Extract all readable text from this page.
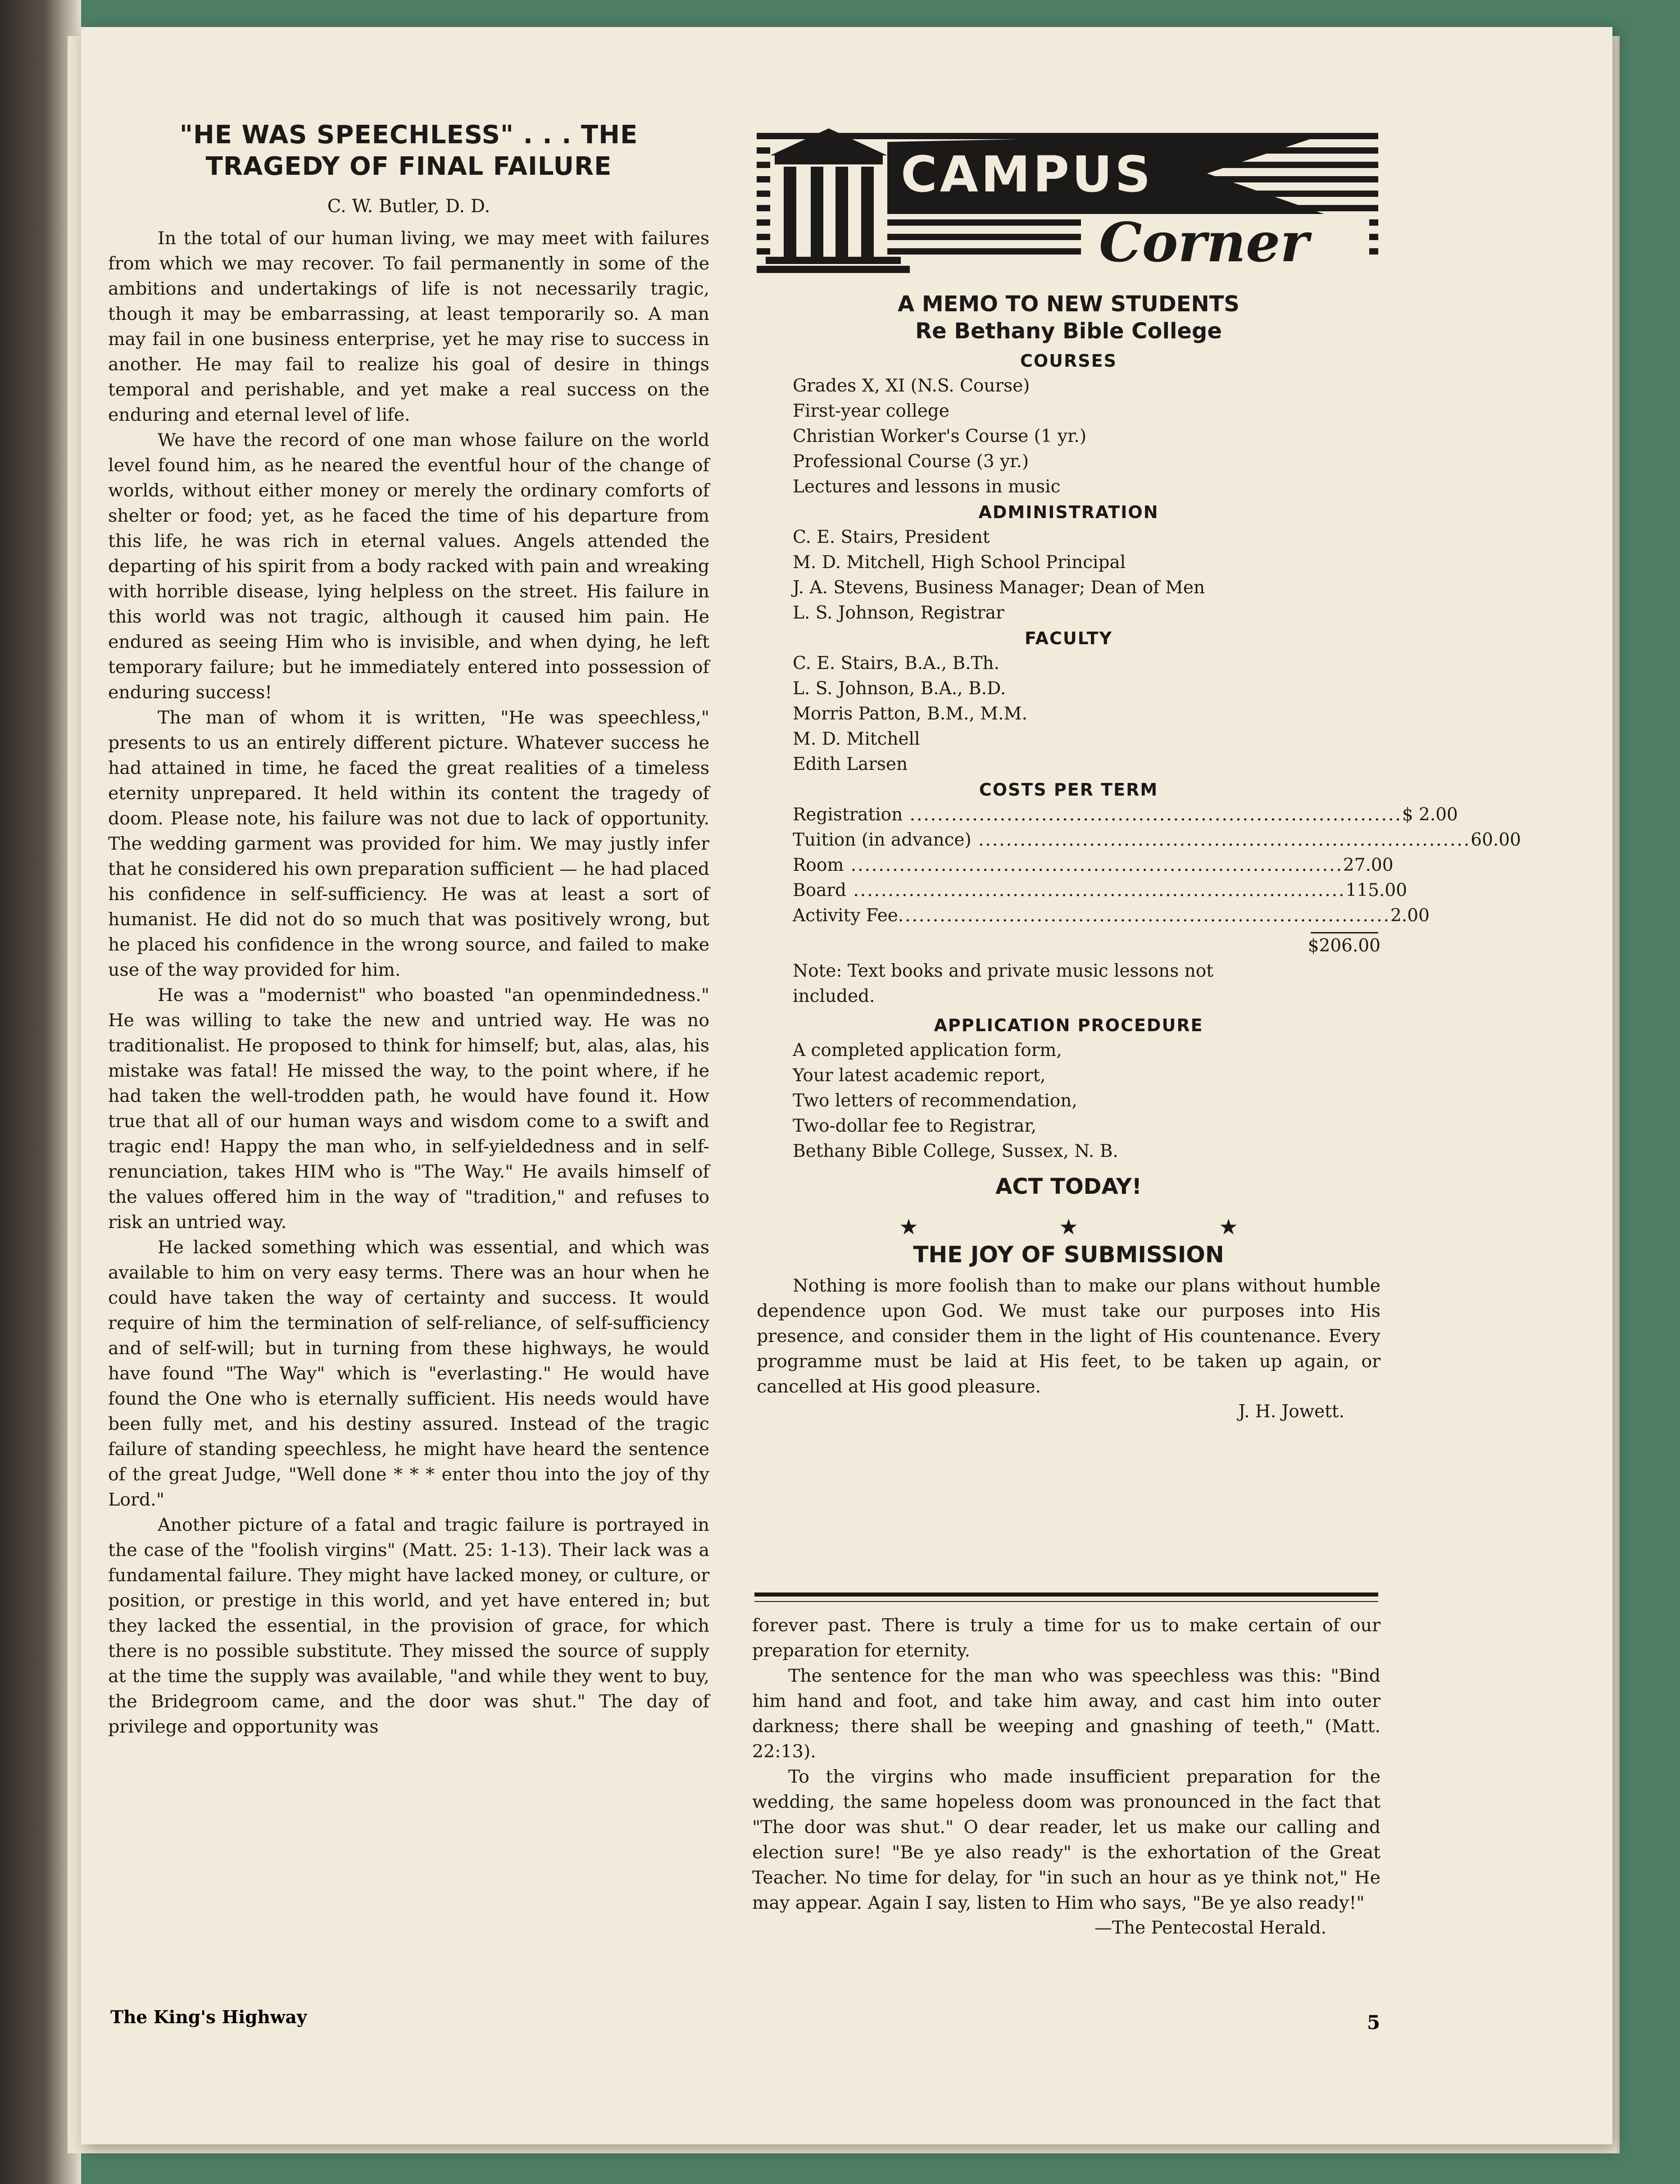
"HE WAS SPEECHLESS" . . . THE
TRAGEDY OF FINAL FAILURE
C. W. Butler, D. D.

In the total of our human living, we may meet with failures from which we may recover. To fail permanently in some of the ambitions and undertakings of life is not necessarily tragic, though it may be embarrassing, at least temporarily so. A man may fail in one business enterprise, yet he may rise to success in another. He may fail to realize his goal of desire in things temporal and perishable, and yet make a real success on the enduring and eternal level of life.

We have the record of one man whose failure on the world level found him, as he neared the eventful hour of the change of worlds, without either money or merely the ordinary comforts of shelter or food; yet, as he faced the time of his departure from this life, he was rich in eternal values. Angels attended the departing of his spirit from a body racked with pain and wreaking with horrible disease, lying helpless on the street. His failure in this world was not tragic, although it caused him pain. He endured as seeing Him who is invisible, and when dying, he left temporary failure; but he immediately entered into possession of enduring success!

The man of whom it is written, "He was speechless," presents to us an entirely different picture. Whatever success he had attained in time, he faced the great realities of a timeless eternity unprepared. It held within its content the tragedy of doom. Please note, his failure was not due to lack of opportunity. The wedding garment was provided for him. We may justly infer that he considered his own preparation sufficient — he had placed his confidence in self-sufficiency. He was at least a sort of humanist. He did not do so much that was positively wrong, but he placed his confidence in the wrong source, and failed to make use of the way provided for him.

He was a "modernist" who boasted "an openmindedness." He was willing to take the new and untried way. He was no traditionalist. He proposed to think for himself; but, alas, alas, his mistake was fatal! He missed the way, to the point where, if he had taken the well-trodden path, he would have found it. How true that all of our human ways and wisdom come to a swift and tragic end! Happy the man who, in self-yieldedness and in self-renunciation, takes HIM who is "The Way." He avails himself of the values offered him in the way of "tradition," and refuses to risk an untried way.

He lacked something which was essential, and which was available to him on very easy terms. There was an hour when he could have taken the way of certainty and success. It would require of him the termination of self-reliance, of self-sufficiency and of self-will; but in turning from these highways, he would have found "The Way" which is "everlasting." He would have found the One who is eternally sufficient. His needs would have been fully met, and his destiny assured. Instead of the tragic failure of standing speechless, he might have heard the sentence of the great Judge, "Well done * * * enter thou into the joy of thy Lord."

Another picture of a fatal and tragic failure is portrayed in the case of the "foolish virgins" (Matt. 25: 1-13). Their lack was a fundamental failure. They might have lacked money, or culture, or position, or prestige in this world, and yet have entered in; but they lacked the essential, in the provision of grace, for which there is no possible substitute. They missed the source of supply at the time the supply was available, "and while they went to buy, the Bridegroom came, and the door was shut." The day of privilege and opportunity was

CAMPUS
Corner
A MEMO TO NEW STUDENTS
Re Bethany Bible College
COURSES
Grades X, XI (N.S. Course)
First-year college
Christian Worker's Course (1 yr.)
Professional Course (3 yr.)
Lectures and lessons in music
ADMINISTRATION
C. E. Stairs, President
M. D. Mitchell, High School Principal
J. A. Stevens, Business Manager; Dean of Men
L. S. Johnson, Registrar
FACULTY
C. E. Stairs, B.A., B.Th.
L. S. Johnson, B.A., B.D.
Morris Patton, B.M., M.M.
M. D. Mitchell
Edith Larsen
COSTS PER TERM
Registration ....................................................................... $ 2.00
Tuition (in advance) ....................................................................... 60.00
Room ....................................................................... 27.00
Board ....................................................................... 115.00
Activity Fee ....................................................................... 2.00
$206.00
Note: Text books and private music lessons not
included.
APPLICATION PROCEDURE
A completed application form,
Your latest academic report,
Two letters of recommendation,
Two-dollar fee to Registrar,
Bethany Bible College, Sussex, N. B.
ACT TODAY!
★	★	★
THE JOY OF SUBMISSION

Nothing is more foolish than to make our plans without humble dependence upon God. We must take our purposes into His presence, and consider them in the light of His countenance. Every programme must be laid at His feet, to be taken up again, or cancelled at His good pleasure.

J. H. Jowett.

forever past. There is truly a time for us to make certain of our preparation for eternity.

The sentence for the man who was speechless was this: "Bind him hand and foot, and take him away, and cast him into outer darkness; there shall be weeping and gnashing of teeth," (Matt. 22:13).

To the virgins who made insufficient preparation for the wedding, the same hopeless doom was pronounced in the fact that "The door was shut." O dear reader, let us make our calling and election sure! "Be ye also ready" is the exhortation of the Great Teacher. No time for delay, for "in such an hour as ye think not," He may appear. Again I say, listen to Him who says, "Be ye also ready!"

—The Pentecostal Herald.
The King's Highway	5
